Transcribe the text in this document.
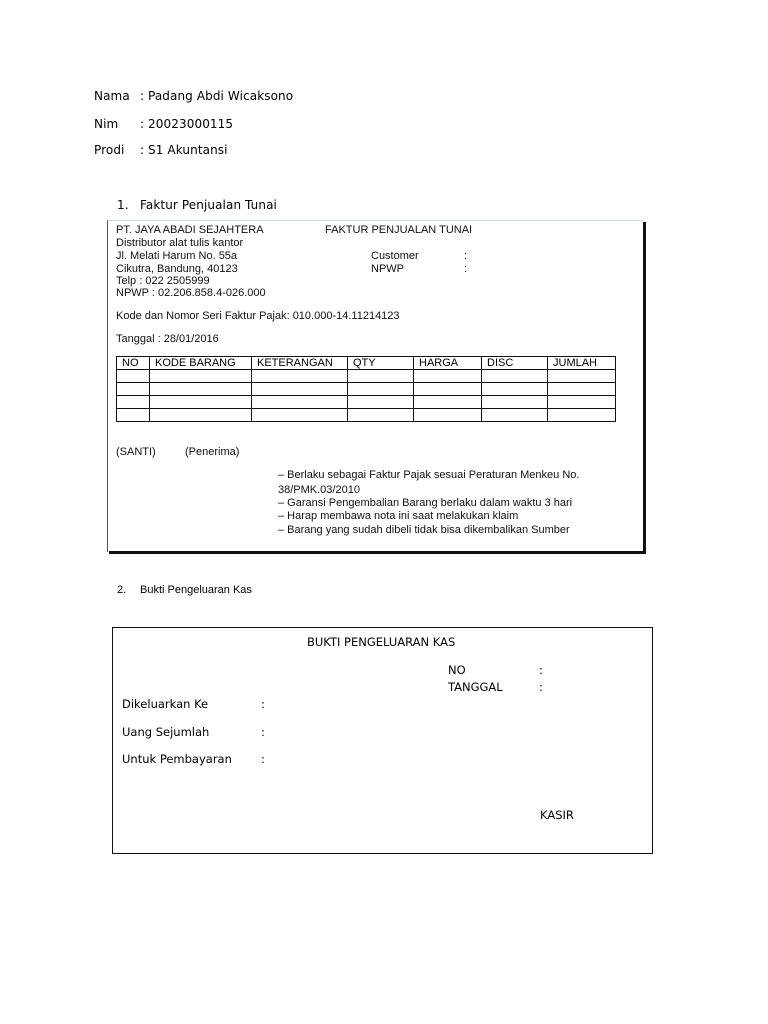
Nama : Padang Abdi Wicaksono
Nim : 20023000115
Prodi : S1 Akuntansi
1. Faktur Penjualan Tunai
PT. JAYA ABADI SEJAHTERA	FAKTUR PENJUALAN TUNAI
Distributor alat tulis kantor
Jl. Melati Harum No. 55a
Cikutra, Bandung, 40123
Telp : 022 2505999
NPWP : 02.206.858.4-026.000
Customer	:
NPWP	:
Kode dan Nomor Seri Faktur Pajak: 010.000-14.11214123
Tanggal : 28/01/2016
NO	KODE BARANG	KETERANGAN	QTY	HARGA	DISC	JUMLAH

(SANTI)	(Penerima)
– Berlaku sebagai Faktur Pajak sesuai Peraturan Menkeu No.
38/PMK.03/2010
– Garansi Pengembalian Barang berlaku dalam waktu 3 hari
– Harap membawa nota ini saat melakukan klaim
– Barang yang sudah dibeli tidak bisa dikembalikan Sumber
2. Bukti Pengeluaran Kas
BUKTI PENGELUARAN KAS
NO	:
TANGGAL	:
Dikeluarkan Ke	:
Uang Sejumlah	:
Untuk Pembayaran	:
KASIR
